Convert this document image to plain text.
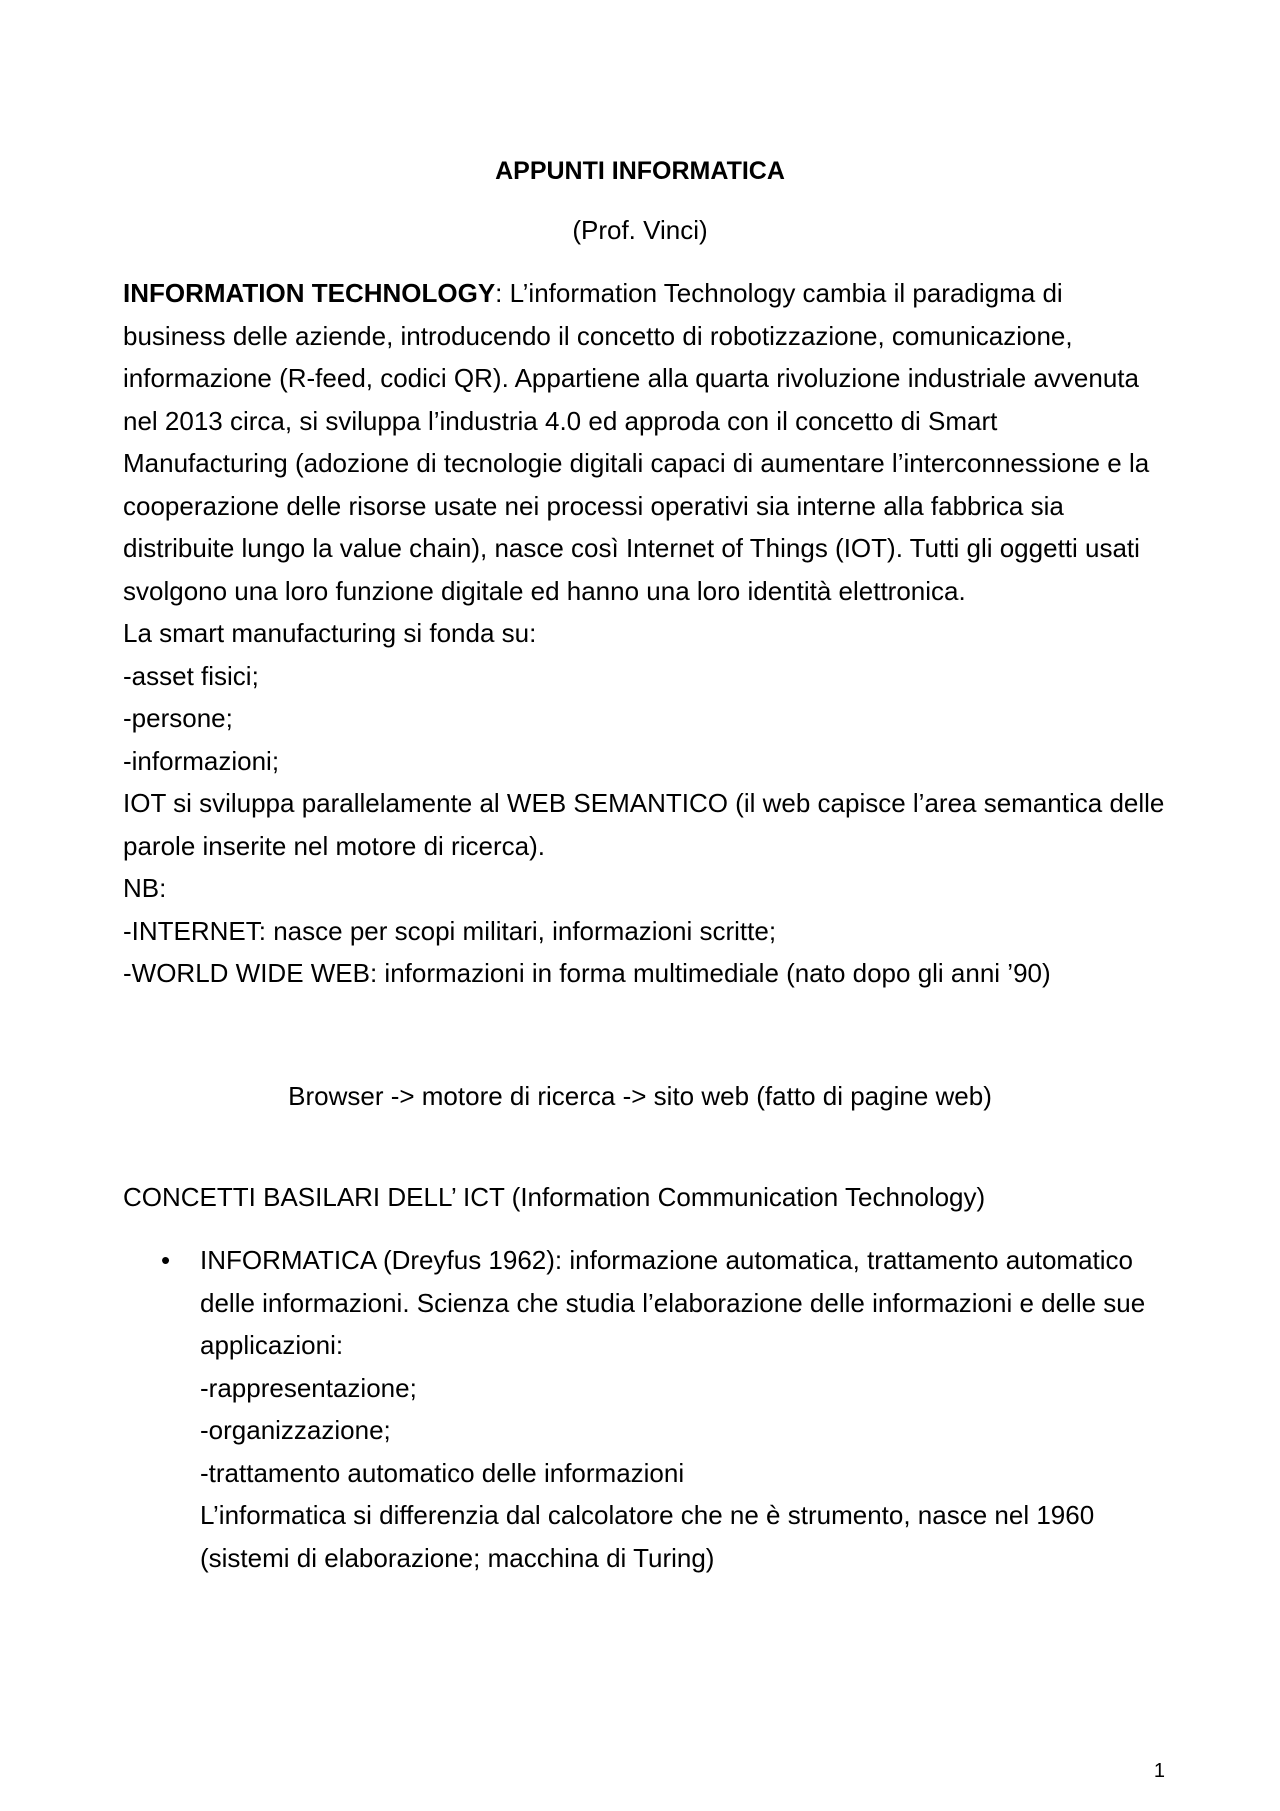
APPUNTI INFORMATICA
(Prof. Vinci)

INFORMATION TECHNOLOGY: L’information Technology cambia il paradigma di business delle aziende, introducendo il concetto di robotizzazione, comunicazione, informazione (R-feed, codici QR). Appartiene alla quarta rivoluzione industriale avvenuta nel 2013 circa, si sviluppa l’industria 4.0 ed approda con il concetto di Smart Manufacturing (adozione di tecnologie digitali capaci di aumentare l’interconnessione e la cooperazione delle risorse usate nei processi operativi sia interne alla fabbrica sia distribuite lungo la value chain), nasce così Internet of Things (IOT). Tutti gli oggetti usati svolgono una loro funzione digitale ed hanno una loro identità elettronica.

La smart manufacturing si fonda su:

-asset fisici;

-persone;

-informazioni;

IOT si sviluppa parallelamente al WEB SEMANTICO (il web capisce l’area semantica delle parole inserite nel motore di ricerca).

NB:

-INTERNET: nasce per scopi militari, informazioni scritte;

-WORLD WIDE WEB: informazioni in forma multimediale (nato dopo gli anni ’90)

Browser -> motore di ricerca -> sito web (fatto di pagine web)
CONCETTI BASILARI DELL’ ICT (Information Communication Technology)
• INFORMATICA (Dreyfus 1962): informazione automatica, trattamento automatico delle informazioni. Scienza che studia l’elaborazione delle informazioni e delle sue applicazioni:

-rappresentazione;

-organizzazione;

-trattamento automatico delle informazioni

L’informatica si differenzia dal calcolatore che ne è strumento, nasce nel 1960 (sistemi di elaborazione; macchina di Turing)

1
